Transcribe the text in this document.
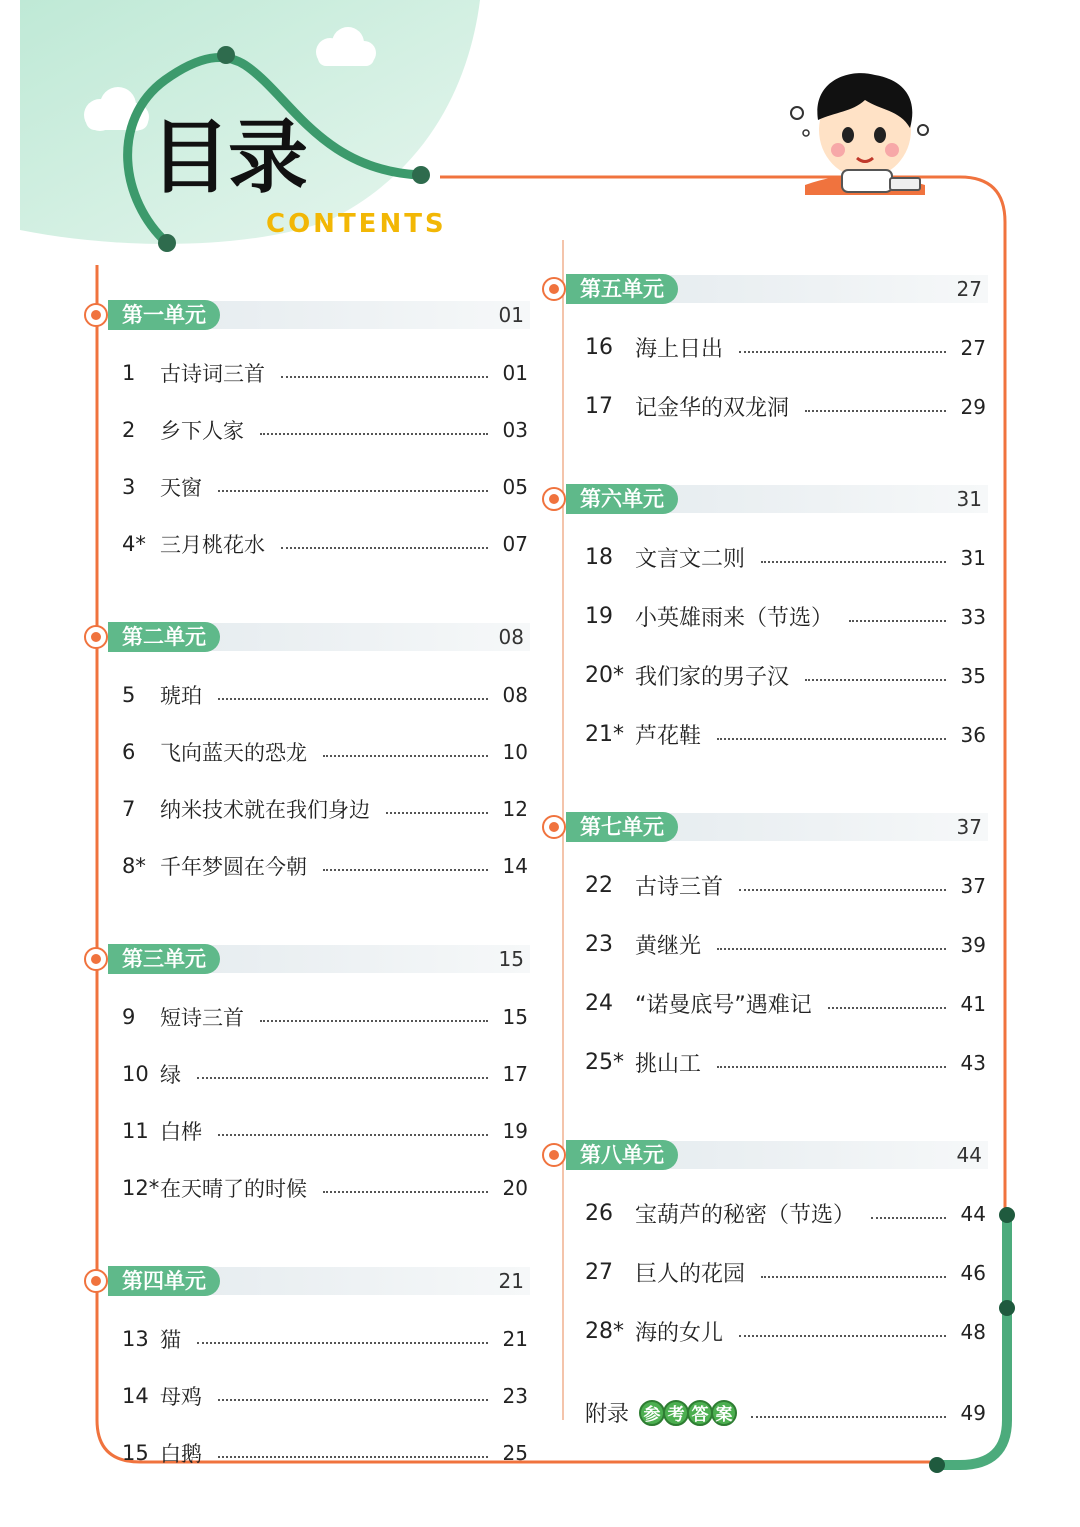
目录
CONTENTS
第一单元	01
1	古诗词三首	01
2	乡下人家	03
3	天窗	05
4* 三月桃花水	07
第二单元	08
5	琥珀	08
6	飞向蓝天的恐龙	10
7	纳米技术就在我们身边	12
8* 千年梦圆在今朝	14
第三单元	15
9	短诗三首	15
10 绿	17
11 白桦	19
12* 在天晴了的时候	20
第四单元	21
13 猫	21
14 母鸡	23
15 白鹅	25
第五单元	27
16	海上日出	27
17	记金华的双龙洞	29
第六单元	31
18	文言文二则	31
19	小英雄雨来（节选）	33
20* 我们家的男子汉	35
21* 芦花鞋	36
第七单元	37
22	古诗三首	37
23	黄继光	39
24	“诺曼底号”遇难记	41
25* 挑山工	43
第八单元	44
26	宝葫芦的秘密（节选）	44
27	巨人的花园	46
28* 海的女儿	48
附录 参 考 答 案	49
